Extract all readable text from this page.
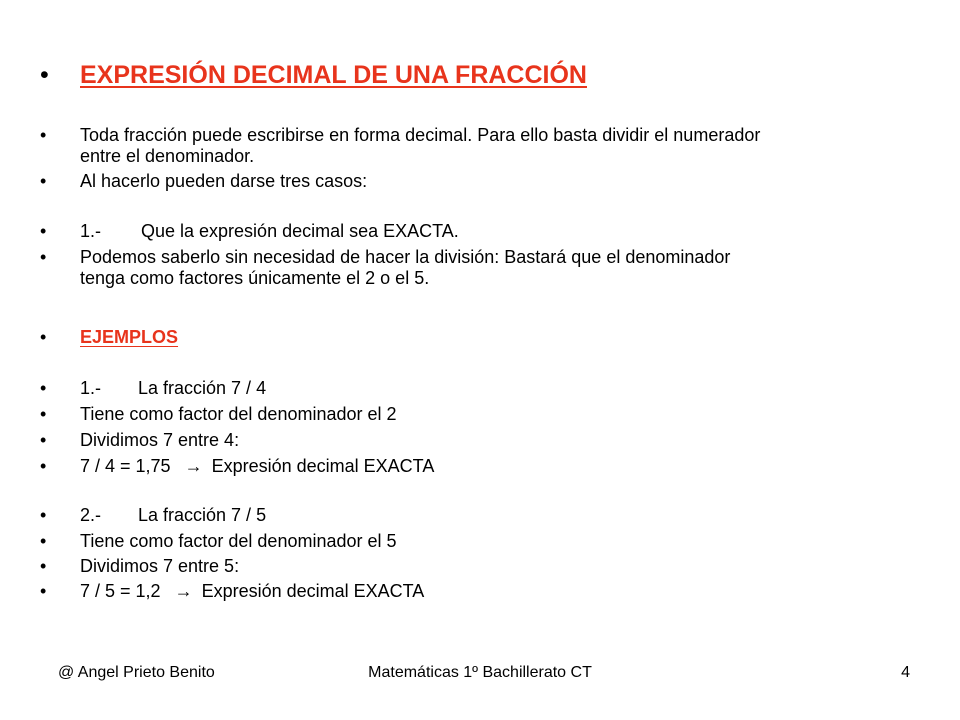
• EXPRESIÓN DECIMAL DE UNA FRACCIÓN
• Toda fracción puede escribirse en forma decimal. Para ello basta dividir el numerador
entre el denominador.
• Al hacerlo pueden darse tres casos:
• 1.- Que la expresión decimal sea EXACTA.
• Podemos saberlo sin necesidad de hacer la división: Bastará que el denominador
tenga como factores únicamente el 2 o el 5.
• EJEMPLOS
• 1.- La fracción 7 / 4
• Tiene como factor del denominador el 2
• Dividimos 7 entre 4:
• 7 / 4 = 1,75 → Expresión decimal EXACTA
• 2.- La fracción 7 / 5
• Tiene como factor del denominador el 5
• Dividimos 7 entre 5:
• 7 / 5 = 1,2 → Expresión decimal EXACTA
@ Angel Prieto Benito	Matemáticas 1º Bachillerato CT	4
